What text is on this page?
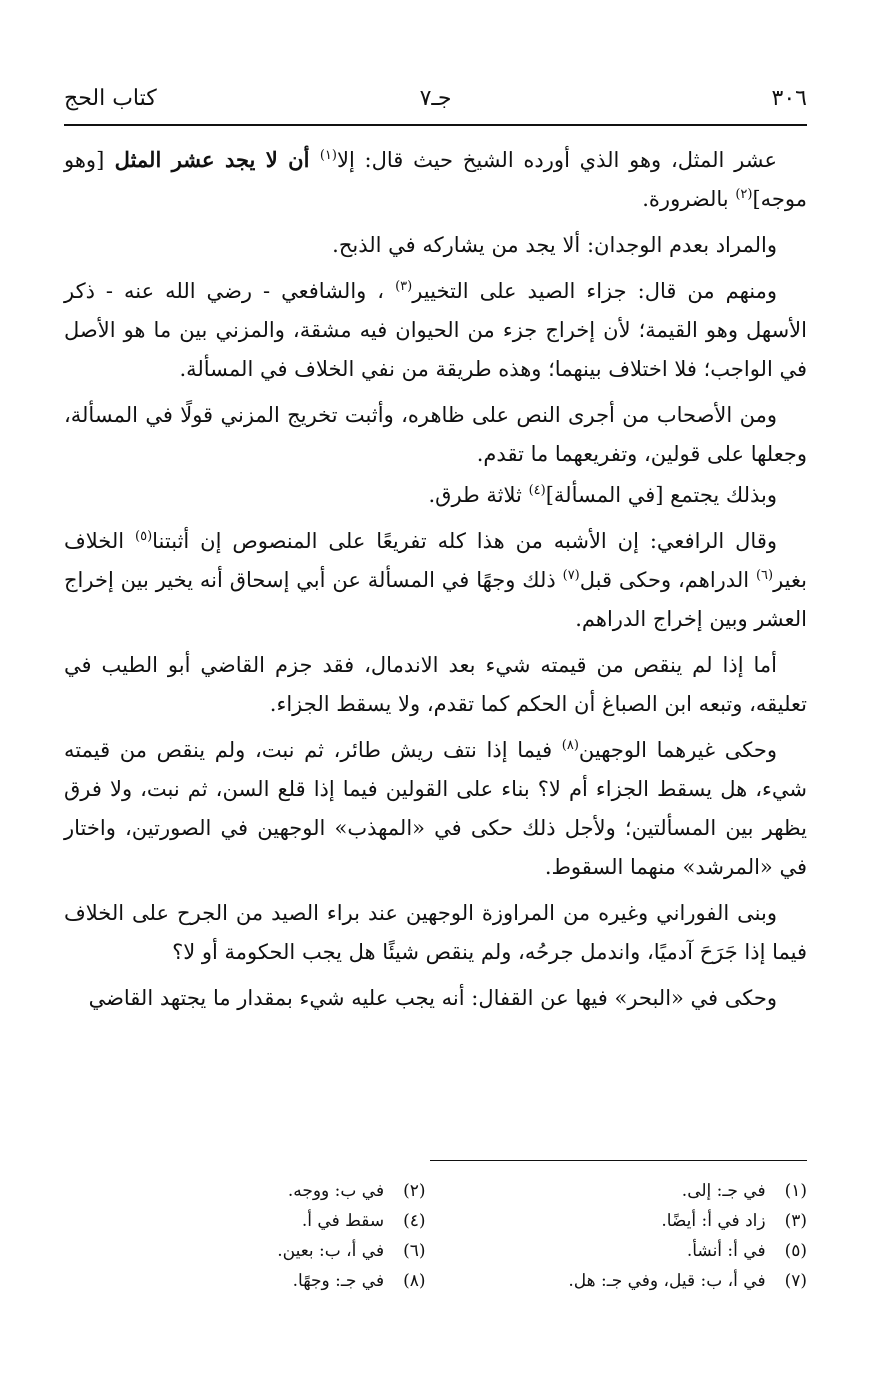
٣٠٦
جـ٧
كتاب الحج

عشر المثل، وهو الذي أورده الشيخ حيث قال: إلا$^{(١)}$ أن لا يجد عشر المثل [وهو موجه]$^{(٢)}$ بالضرورة.

والمراد بعدم الوجدان: ألا يجد من يشاركه في الذبح.

ومنهم من قال: جزاء الصيد على التخيير$^{(٣)}$ ، والشافعي - رضي الله عنه - ذكر الأسهل وهو القيمة؛ لأن إخراج جزء من الحيوان فيه مشقة، والمزني بين ما هو الأصل في الواجب؛ فلا اختلاف بينهما؛ وهذه طريقة من نفي الخلاف في المسألة.

ومن الأصحاب من أجرى النص على ظاهره، وأثبت تخريج المزني قولًا في المسألة، وجعلها على قولين، وتفريعهما ما تقدم.

وبذلك يجتمع [في المسألة]$^{(٤)}$ ثلاثة طرق.

وقال الرافعي: إن الأشبه من هذا كله تفريعًا على المنصوص إن أثبتنا$^{(٥)}$ الخلاف بغير$^{(٦)}$ الدراهم، وحكى قبل$^{(٧)}$ ذلك وجهًا في المسألة عن أبي إسحاق أنه يخير بين إخراج العشر وبين إخراج الدراهم.

أما إذا لم ينقص من قيمته شيء بعد الاندمال، فقد جزم القاضي أبو الطيب في تعليقه، وتبعه ابن الصباغ أن الحكم كما تقدم، ولا يسقط الجزاء.

وحكى غيرهما الوجهين$^{(٨)}$ فيما إذا نتف ريش طائر، ثم نبت، ولم ينقص من قيمته شيء، هل يسقط الجزاء أم لا؟ بناء على القولين فيما إذا قلع السن، ثم نبت، ولا فرق يظهر بين المسألتين؛ ولأجل ذلك حكى في «المهذب» الوجهين في الصورتين، واختار في «المرشد» منهما السقوط.

وبنى الفوراني وغيره من المراوزة الوجهين عند براء الصيد من الجرح على الخلاف فيما إذا جَرَحَ آدميًا، واندمل جرحُه، ولم ينقص شيئًا هل يجب الحكومة أو لا؟

وحكى في «البحر» فيها عن القفال: أنه يجب عليه شيء بمقدار ما يجتهد القاضي

(١) في جـ: إلى.
(٢) في ب: ووجه.
(٣) زاد في أ: أيضًا.
(٤) سقط في أ.
(٥) في أ: أنشأ.
(٦) في أ، ب: بعين.
(٧) في أ، ب: قيل، وفي جـ: هل.
(٨) في جـ: وجهًا.
